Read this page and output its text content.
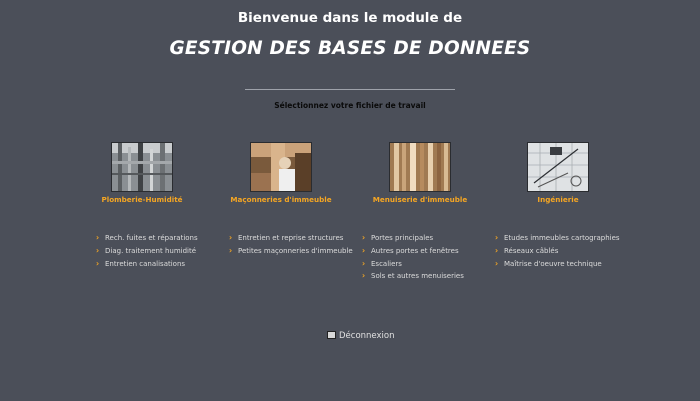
Bienvenue dans le module de
GESTION DES BASES DE DONNEES
Sélectionnez votre fichier de travail
Plomberie-Humidité	Maçonneries d'immeuble	Menuiserie d'immeuble	Ingénierie
› Rech. fuites et réparations
› Diag. traitement humidité
› Entretien canalisations
› Entretien et reprise structures
› Petites maçonneries d'immeuble
› Portes principales
› Autres portes et fenêtres
› Escaliers
› Sols et autres menuiseries
› Etudes immeubles cartographies
› Réseaux câblés
› Maîtrise d'oeuvre technique
Déconnexion
